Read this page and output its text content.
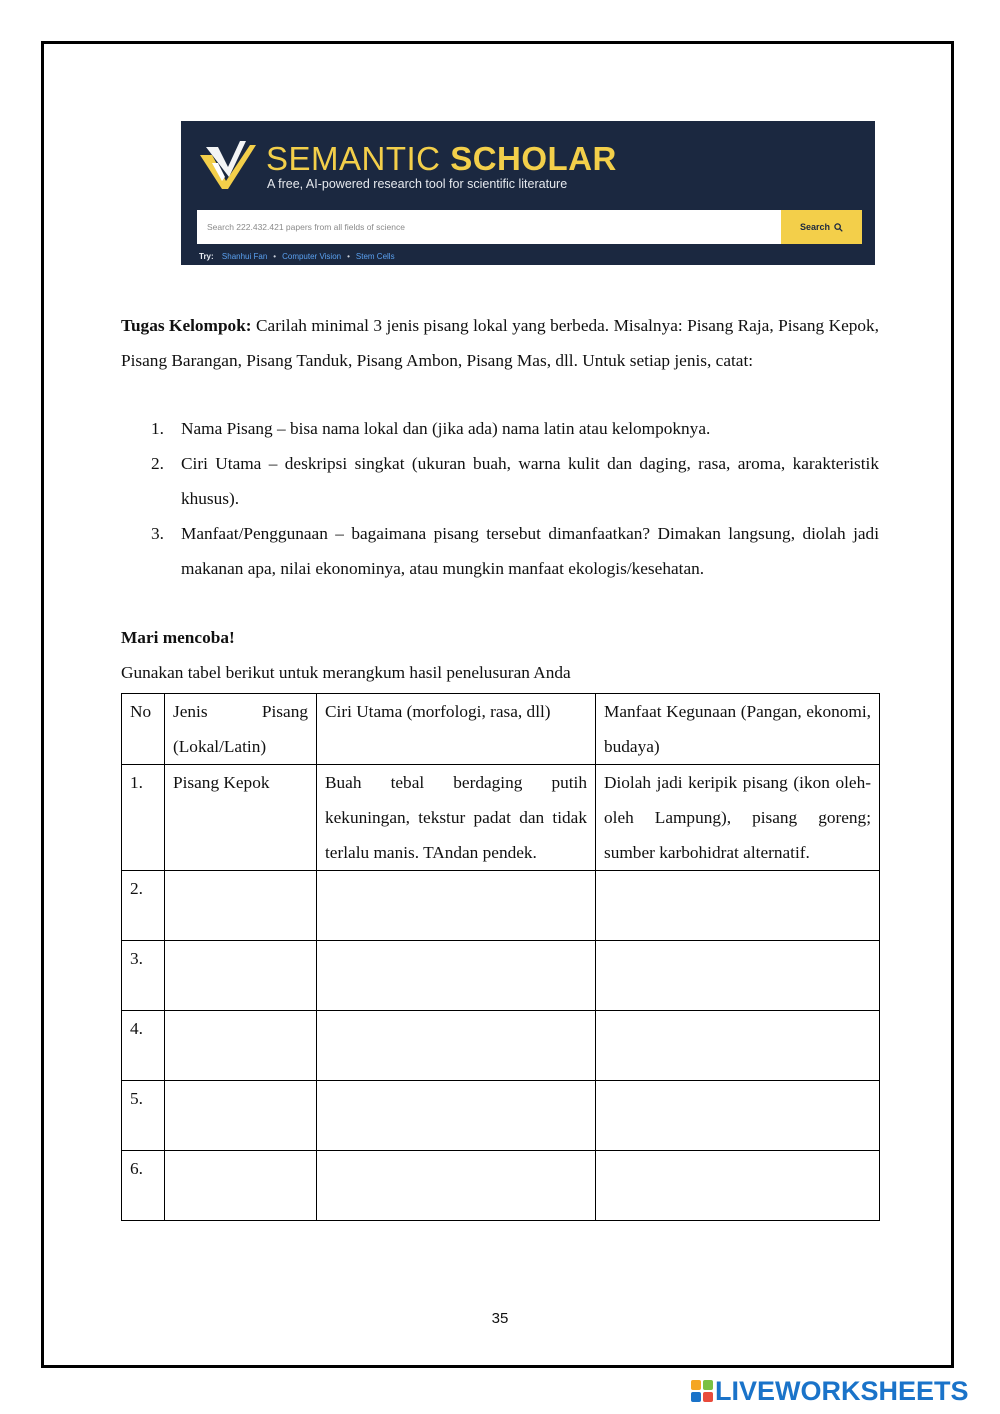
SEMANTIC SCHOLAR
A free, AI-powered research tool for scientific literature
Search 222.432.421 papers from all fields of science
Search
Try: Shanhui Fan • Computer Vision • Stem Cells
Tugas Kelompok: Carilah minimal 3 jenis pisang lokal yang berbeda. Misalnya: Pisang Raja, Pisang Kepok, Pisang Barangan, Pisang Tanduk, Pisang Ambon, Pisang Mas, dll. Untuk setiap jenis, catat:
1. Nama Pisang – bisa nama lokal dan (jika ada) nama latin atau kelompoknya.
2. Ciri Utama – deskripsi singkat (ukuran buah, warna kulit dan daging, rasa, aroma, karakteristik khusus).
3. Manfaat/Penggunaan – bagaimana pisang tersebut dimanfaatkan? Dimakan langsung, diolah jadi makanan apa, nilai ekonominya, atau mungkin manfaat ekologis/kesehatan.
Mari mencoba!
Gunakan tabel berikut untuk merangkum hasil penelusuran Anda
No	Jenis Pisang (Lokal/Latin)	Ciri Utama (morfologi, rasa, dll)	Manfaat Kegunaan (Pangan, ekonomi, budaya)
1.	Pisang Kepok	Buah tebal berdaging putih kekuningan, tekstur padat dan tidak terlalu manis. TAndan pendek.	Diolah jadi keripik pisang (ikon oleh-oleh Lampung), pisang goreng; sumber karbohidrat alternatif.
2.			
3.			
4.			
5.			
6.			
35
LIVEWORKSHEETS
